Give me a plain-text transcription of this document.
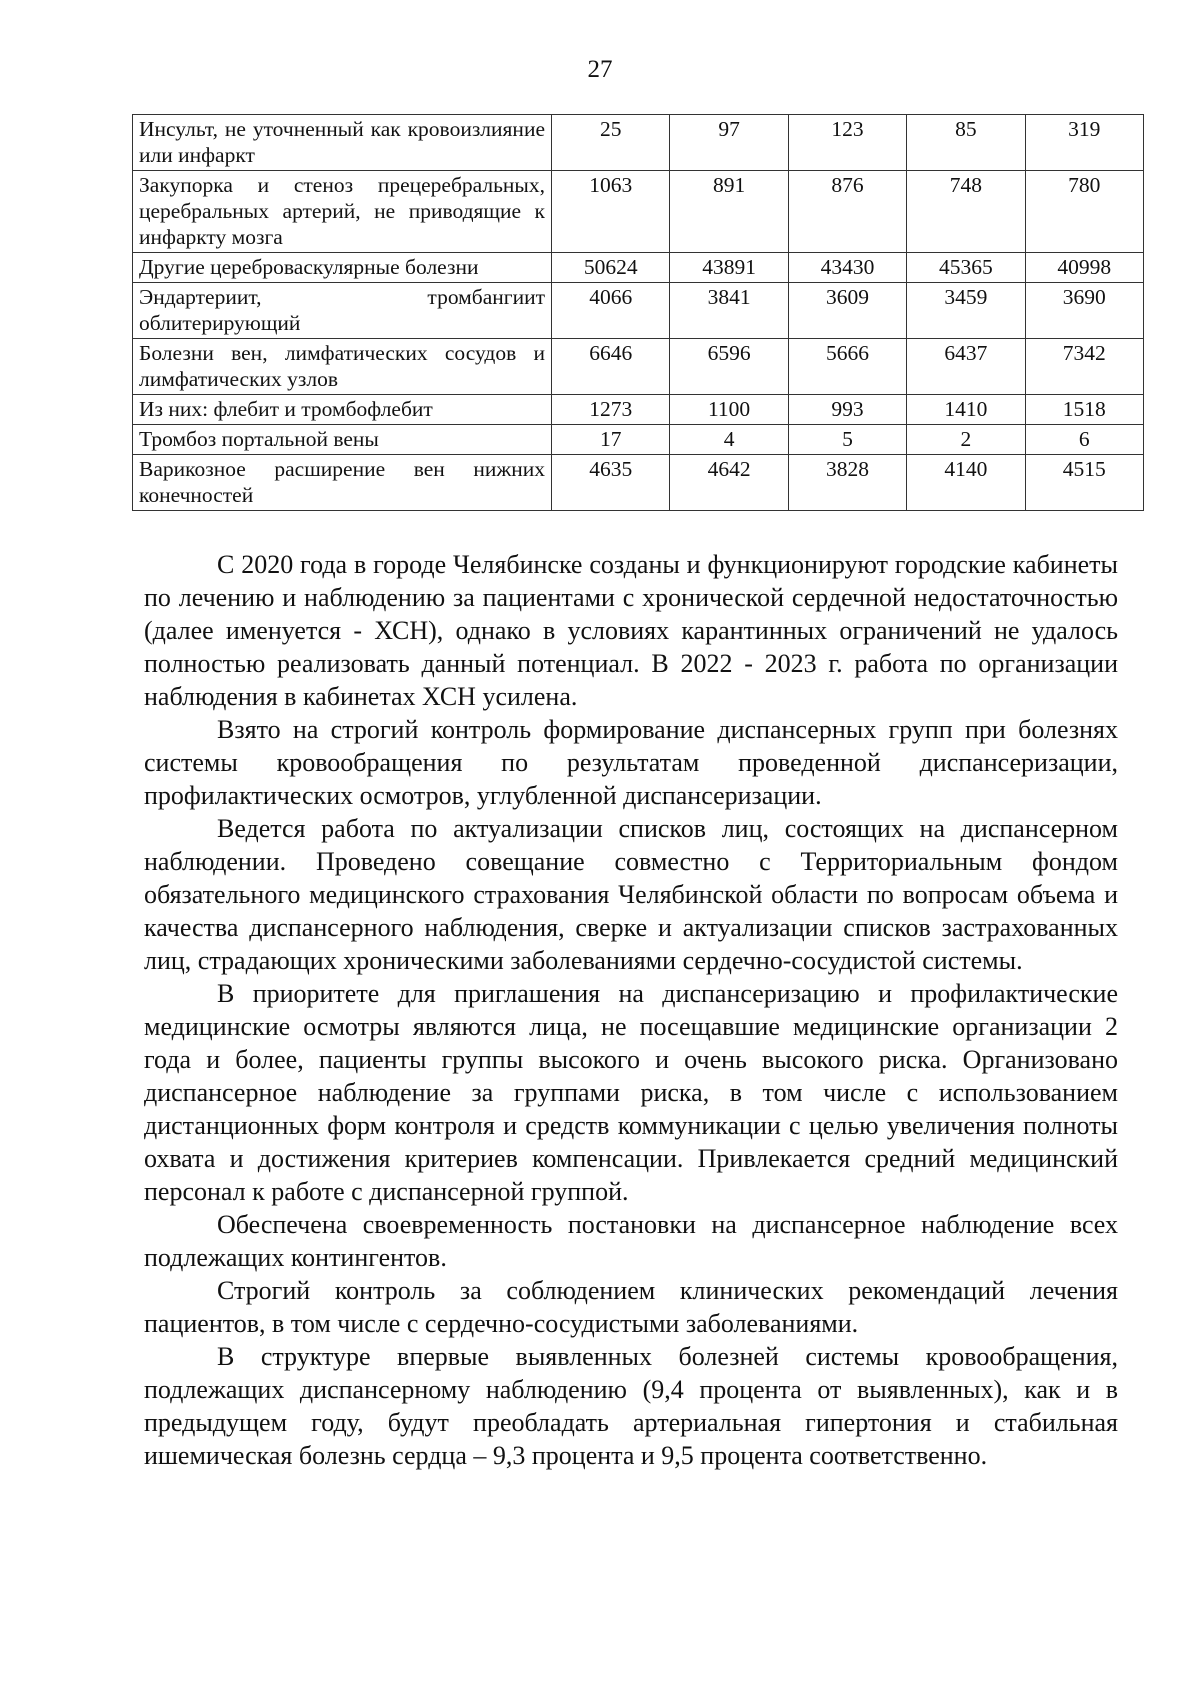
27
Инсульт, не уточненный как кровоизлияние или инфаркт	25	97	123	85	319
Закупорка и стеноз прецеребральных, церебральных артерий, не приводящие к инфаркту мозга	1063	891	876	748	780
Другие цереброваскулярные болезни	50624	43891	43430	45365	40998
Эндартериит, тромбангиит облитерирующий	4066	3841	3609	3459	3690
Болезни вен, лимфатических сосудов и лимфатических узлов	6646	6596	5666	6437	7342
Из них: флебит и тромбофлебит	1273	1100	993	1410	1518
Тромбоз портальной вены	17	4	5	2	6
Варикозное расширение вен нижних конечностей	4635	4642	3828	4140	4515

С 2020 года в городе Челябинске созданы и функционируют городские кабинеты по лечению и наблюдению за пациентами с хронической сердечной недостаточностью (далее именуется - ХСН), однако в условиях карантинных ограничений не удалось полностью реализовать данный потенциал. В 2022 - 2023 г. работа по организации наблюдения в кабинетах ХСН усилена.

Взято на строгий контроль формирование диспансерных групп при болезнях системы кровообращения по результатам проведенной диспансеризации, профилактических осмотров, углубленной диспансеризации.

Ведется работа по актуализации списков лиц, состоящих на диспансерном наблюдении. Проведено совещание совместно с Территориальным фондом обязательного медицинского страхования Челябинской области по вопросам объема и качества диспансерного наблюдения, сверке и актуализации списков застрахованных лиц, страдающих хроническими заболеваниями сердечно-сосудистой системы.

В приоритете для приглашения на диспансеризацию и профилактические медицинские осмотры являются лица, не посещавшие медицинские организации 2 года и более, пациенты группы высокого и очень высокого риска. Организовано диспансерное наблюдение за группами риска, в том числе с использованием дистанционных форм контроля и средств коммуникации с целью увеличения полноты охвата и достижения критериев компенсации. Привлекается средний медицинский персонал к работе с диспансерной группой.

Обеспечена своевременность постановки на диспансерное наблюдение всех подлежащих контингентов.

Строгий контроль за соблюдением клинических рекомендаций лечения пациентов, в том числе с сердечно-сосудистыми заболеваниями.

В структуре впервые выявленных болезней системы кровообращения, подлежащих диспансерному наблюдению (9,4 процента от выявленных), как и в предыдущем году, будут преобладать артериальная гипертония и стабильная ишемическая болезнь сердца – 9,3 процента и 9,5 процента соответственно.
